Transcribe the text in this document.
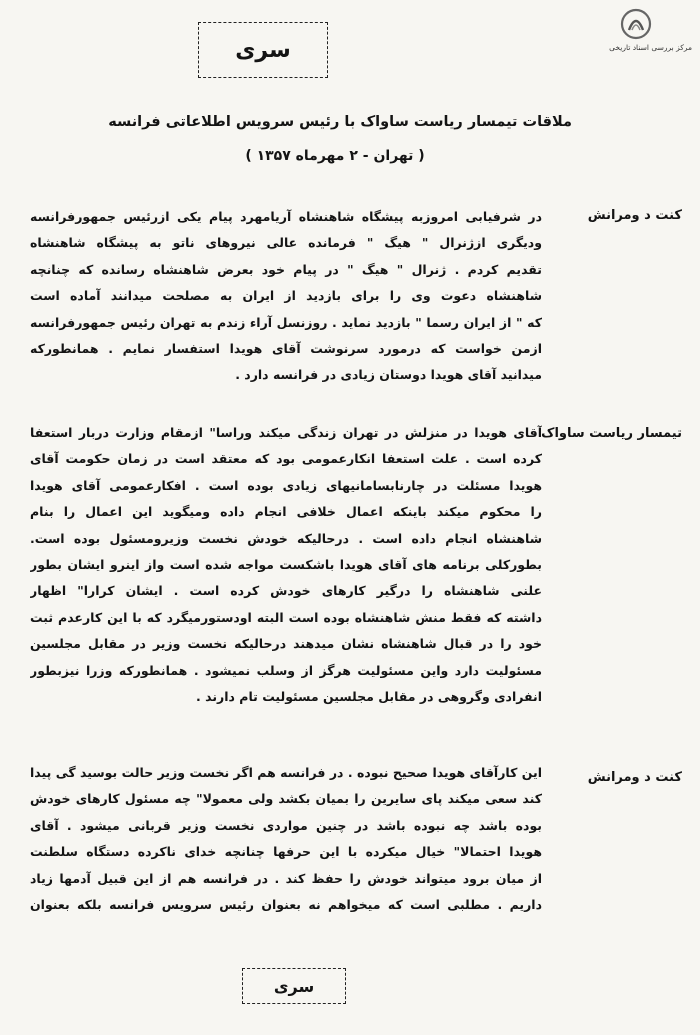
مرکز بررسی اسناد تاریخی
سری
ملاقات تیمسار ریاست ساواک با رئیس سرویس اطلاعاتی فرانسه
( تهران - ۲ مهرماه ۱۳۵۷ )
کنت د ومرانش
در شرفیابی امروزبه پیشگاه شاهنشاه آریامهرد پیام یکی ازرئیس جمهورفرانسه
ودیگری ازژنرال " هیگ " فرمانده عالی نیروهای ناتو به پیشگاه شاهنشاه
تقدیم کردم . ژنرال " هیگ " در پیام خود بعرض شاهنشاه رسانده که چنانچه
شاهنشاه دعوت وی را برای بازدید از ایران به مصلحت میدانند آماده است
که " از ایران رسما " بازدید نماید . روزنسل آراء زندم به تهران رئیس جمهورفرانسه
ازمن خواست که درمورد سرنوشت آقای هویدا استفسار نمایم . همانطورکه
میدانید آقای هویدا دوستان زیادی در فرانسه دارد .
تیمسار ریاست ساواک
آقای هویدا در منزلش در تهران زندگی میکند وراسا" ازمقام وزارت دربار استعفا
کرده است . علت استعفا انکارعمومی بود که معتقد است در زمان حکومت آقای
هویدا مسئلت در چارنابسامانیهای زیادی بوده است . افکارعمومی آقای هویدا
را محکوم میکند باینکه اعمال خلافی انجام داده ومیگوید این اعمال را بنام
شاهنشاه انجام داده است . درحالیکه خودش نخست وزیرومسئول بوده است.
بطورکلی برنامه های آقای هویدا باشکست مواجه شده است واز اینرو ایشان بطور
علنی شاهنشاه را درگیر کارهای خودش کرده است . ایشان کرارا" اظهار
داشته که فقط منش شاهنشاه بوده است البته اودستورمیگرد که با این کارعدم ثبت
خود را در قبال شاهنشاه نشان میدهند درحالیکه نخست وزیر در مقابل مجلسین
مسئولیت دارد واین مسئولیت هرگز از وسلب نمیشود . همانطورکه وزرا نیزبطور
انفرادی وگروهی در مقابل مجلسین مسئولیت تام دارند .
کنت د ومرانش
این کارآقای هویدا صحیح نبوده . در فرانسه هم اگر نخست وزیر حالت بوسید گی پیدا
کند سعی میکند پای سایرین را بمیان بکشد ولی معمولا" چه مسئول کارهای خودش
بوده باشد چه نبوده باشد در چنین مواردی نخست وزیر قربانی میشود . آقای
هویدا احتمالا" خیال میکرده با این حرفها چنانچه خدای ناکرده دستگاه سلطنت
از میان برود میتواند خودش را حفظ کند . در فرانسه هم از این قبیل آدمها زیاد
داریم . مطلبی است که میخواهم نه بعنوان رئیس سرویس فرانسه بلکه بعنوان
سری
